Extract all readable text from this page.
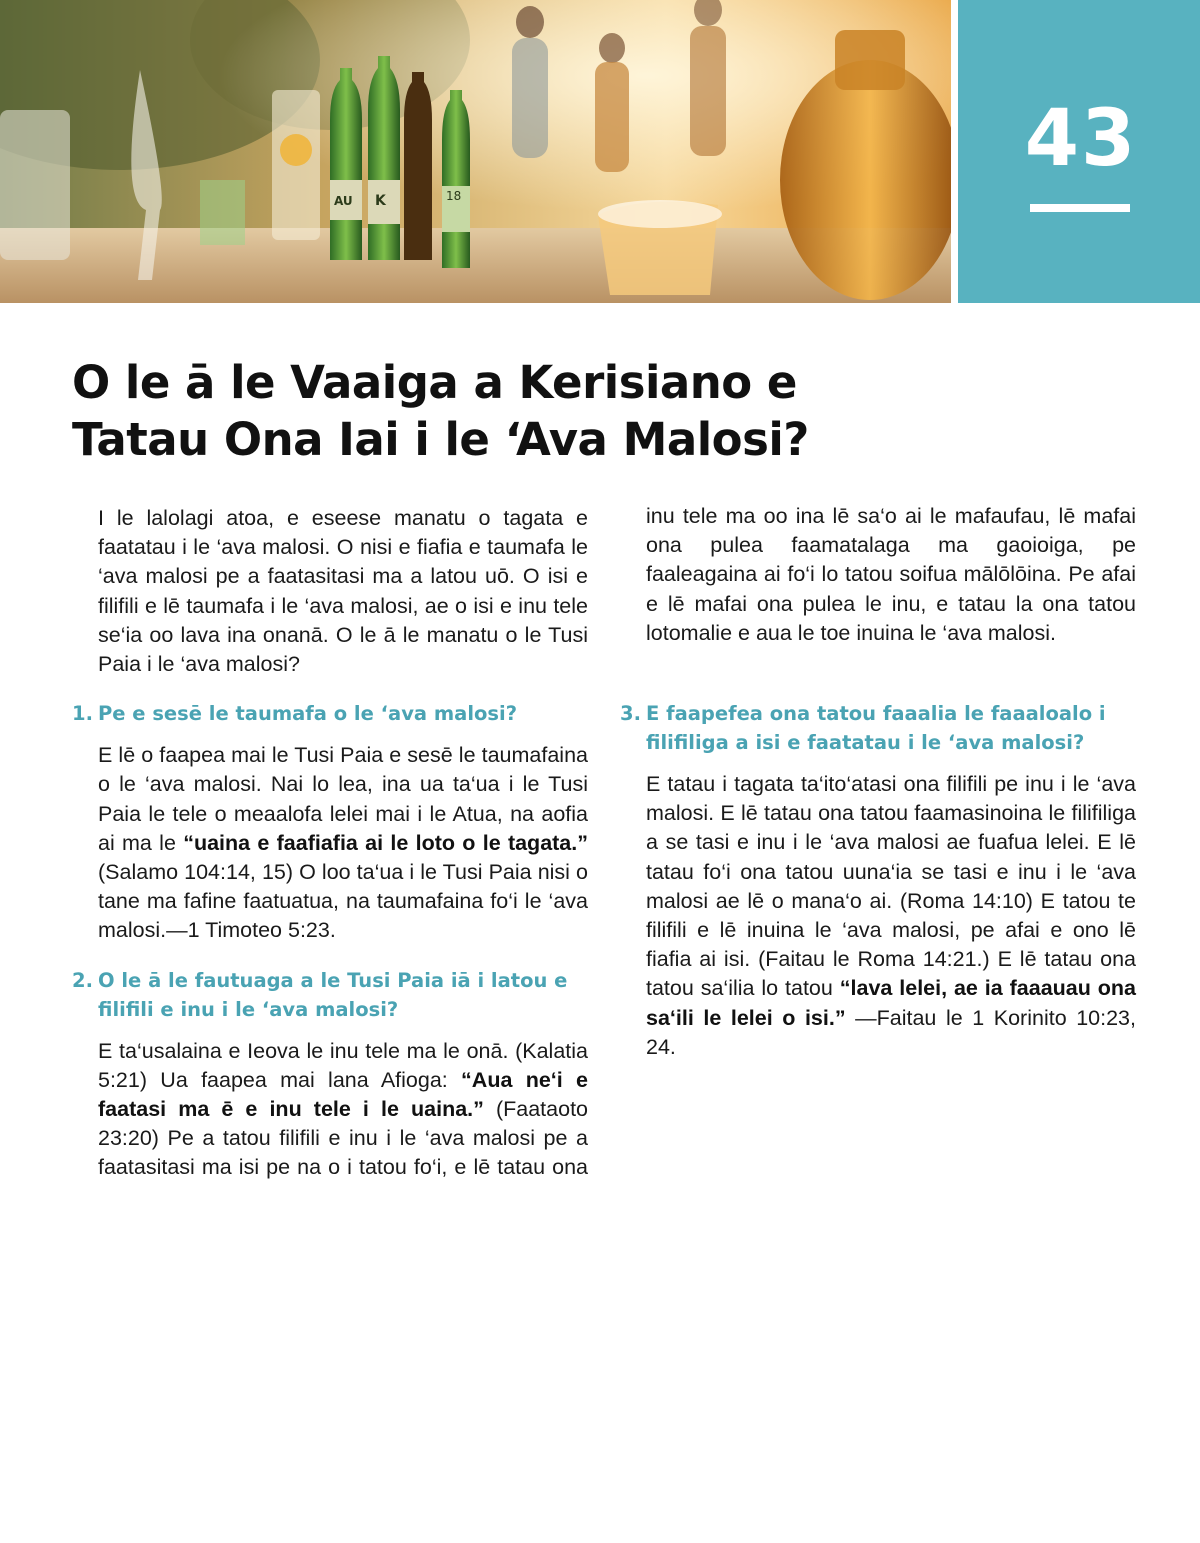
AU K	18
43
O le ā le Vaaiga a Kerisiano e
Tatau Ona Iai i le ‘Ava Malosi?

I le lalolagi atoa, e eseese manatu o tagata e faatatau i le ‘ava malosi. O nisi e fiafia e taumafa le ‘ava malosi pe a faatasitasi ma a latou uō. O isi e filifili e lē taumafa i le ‘ava malosi, ae o isi e inu tele se‘ia oo lava ina onanā. O le ā le manatu o le Tusi Paia i le ‘ava malosi?

1. Pe e sesē le taumafa o le ‘ava malosi?

E lē o faapea mai le Tusi Paia e sesē le taumafaina o le ‘ava malosi. Nai lo lea, ina ua ta‘ua i le Tusi Paia le tele o meaalofa lelei mai i le Atua, na aofia ai ma le “uaina e faafiafia ai le loto o le tagata.” (Salamo 104:14, 15) O loo ta‘ua i le Tusi Paia nisi o tane ma fafine faatuatua, na taumafaina fo‘i le ‘ava malosi.—1 Timoteo 5:23.

2. O le ā le fautuaga a le Tusi Paia iā i latou e filifili e inu i le ‘ava malosi?

E ta‘usalaina e Ieova le inu tele ma le onā. (Kalatia 5:21) Ua faapea mai lana Afioga: “Aua ne‘i e faatasi ma ē e inu tele i le uaina.” (Faataoto 23:20) Pe a tatou filifili e inu i le ‘ava malosi pe a faatasitasi ma isi pe na o i tatou fo‘i, e lē tatau ona

inu tele ma oo ina lē sa‘o ai le mafaufau, lē mafai ona pulea faamatalaga ma gaoioiga, pe faaleagaina ai fo‘i lo tatou soifua mālōlōina. Pe afai e lē mafai ona pulea le inu, e tatau la ona tatou lotomalie e aua le toe inuina le ‘ava malosi.

3. E faapefea ona tatou faaalia le faaaloalo i filifiliga a isi e faatatau i le ‘ava malosi?

E tatau i tagata ta‘ito‘atasi ona filifili pe inu i le ‘ava malosi. E lē tatau ona tatou faamasinoina le filifiliga a se tasi e inu i le ‘ava malosi ae fuafua lelei. E lē tatau fo‘i ona tatou uuna‘ia se tasi e inu i le ‘ava malosi ae lē o mana‘o ai. (Roma 14:10) E tatou te filifili e lē inuina le ‘ava malosi, pe afai e ono lē fiafia ai isi. (Faitau le Roma 14:21.) E lē tatau ona tatou sa‘ilia lo tatou “lava lelei, ae ia faaauau ona sa‘ili le lelei o isi.” —Faitau le 1 Korinito 10:23, 24.
